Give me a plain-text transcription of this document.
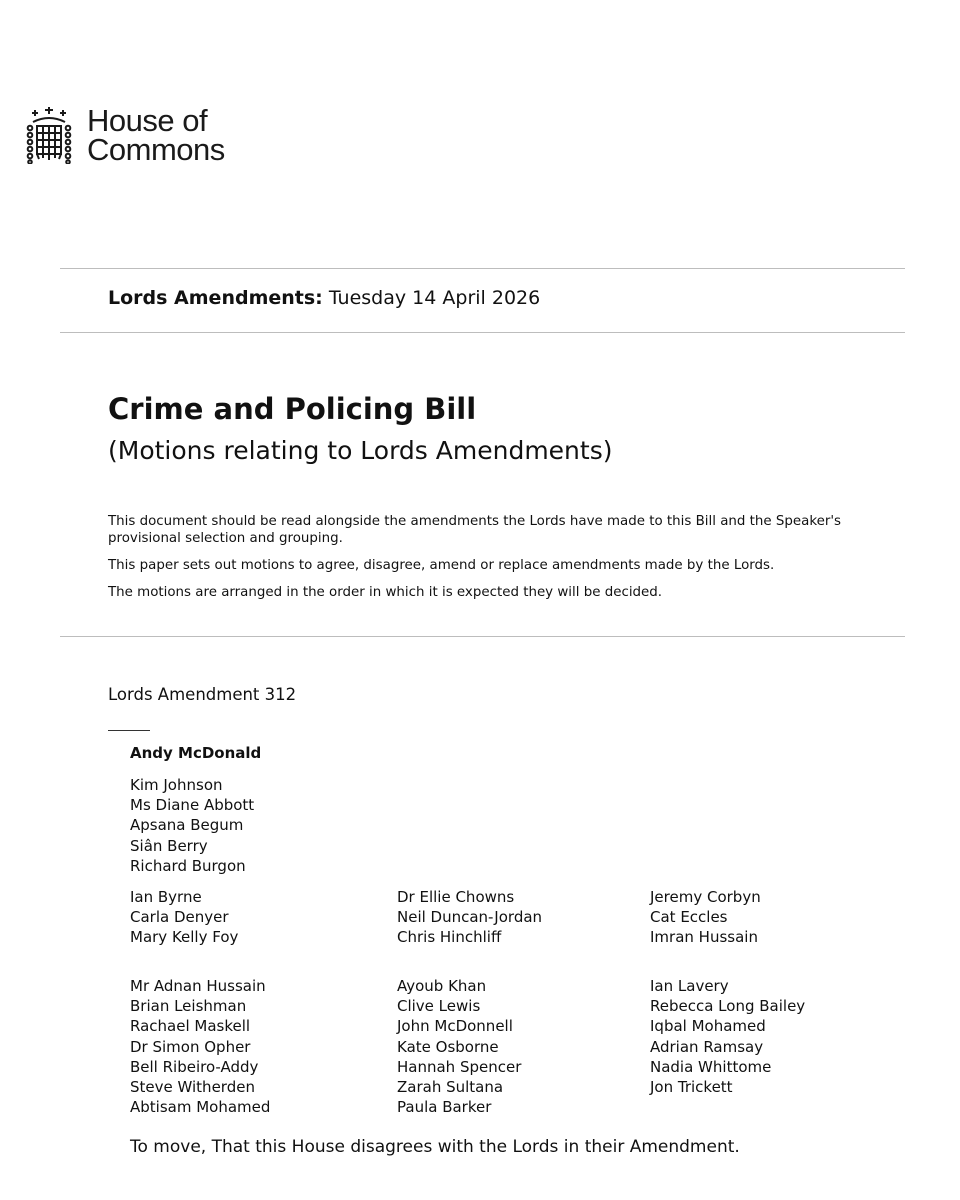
House of
Commons
Lords Amendments: Tuesday 14 April 2026
Crime and Policing Bill
(Motions relating to Lords Amendments)
This document should be read alongside the amendments the Lords have made to this Bill and the Speaker's provisional selection and grouping.
This paper sets out motions to agree, disagree, amend or replace amendments made by the Lords.
The motions are arranged in the order in which it is expected they will be decided.
Lords Amendment 312
Andy McDonald
Kim Johnson
Ms Diane Abbott
Apsana Begum
Siân Berry
Richard Burgon
Ian Byrne
Carla Denyer
Mary Kelly Foy
Dr Ellie Chowns
Neil Duncan-Jordan
Chris Hinchliff
Jeremy Corbyn
Cat Eccles
Imran Hussain
Mr Adnan Hussain
Brian Leishman
Rachael Maskell
Dr Simon Opher
Bell Ribeiro-Addy
Steve Witherden
Abtisam Mohamed
Ayoub Khan
Clive Lewis
John McDonnell
Kate Osborne
Hannah Spencer
Zarah Sultana
Paula Barker
Ian Lavery
Rebecca Long Bailey
Iqbal Mohamed
Adrian Ramsay
Nadia Whittome
Jon Trickett
To move, That this House disagrees with the Lords in their Amendment.
